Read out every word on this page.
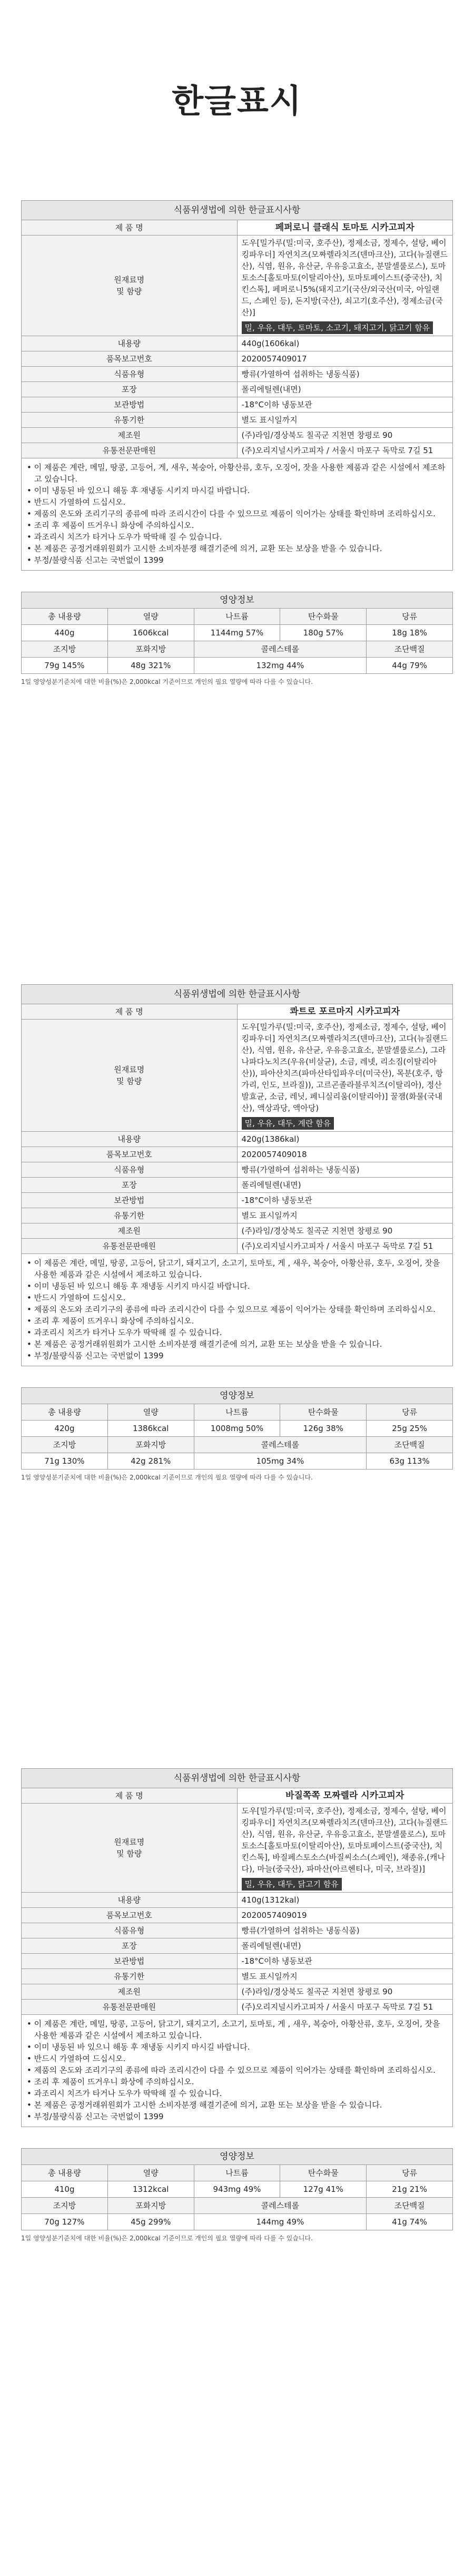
한글표시
식품위생법에 의한 한글표시사항	
제 품 명	페퍼로니 클래식 토마토 시카고피자
원재료명
및 함량	도우[밀가루(밀:미국, 호주산), 정제소금, 정제수, 설탕, 베이킹파우더] 자연치즈(모짜렐라치즈(덴마크산), 고다(뉴질랜드산), 식염, 원유, 유산균, 우유응고효소, 분말셀룰로스), 토마토소스[홀토마토(이탈리아산), 토마토페이스트(중국산), 치킨스톡], 페퍼로니5%(돼지고기(국산/외국산(미국, 아일랜드, 스페인 등), 돈지방(국산), 쇠고기(호주산), 정제소금(국산)]
밀, 우유, 대두, 토마토, 소고기, 돼지고기, 닭고기 함유
내용량	440g(1606kal)
품목보고번호	2020057409017
식품유형	빵류(가열하여 섭취하는 냉동식품)
포장	폴리에틸렌(내면)
보관방법	-18°C이하 냉동보관
유통기한	별도 표시일까지
제조원	(주)라임/경상북도 칠곡군 지천면 창평로 90
유통전문판매원	(주)오리지널시카고피자 / 서울시 마포구 독막로 7길 51
• 이 제품은 계란, 메밀, 땅콩, 고등어, 게, 새우, 복숭아, 아황산류, 호두, 오징어, 잣을 사용한 제품과 같은 시설에서 제조하고 있습니다.
• 이미 냉동된 바 있으니 해동 후 재냉동 시키지 마시길 바랍니다.
• 반드시 가열하여 드십시오.
• 제품의 온도와 조리기구의 종류에 따라 조리시간이 다를 수 있으므로 제품이 익어가는 상태를 확인하며 조리하십시오.
• 조리 후 제품이 뜨거우니 화상에 주의하십시오.
• 과조리시 치즈가 타거나 도우가 딱딱해 질 수 있습니다.
• 본 제품은 공정거래위원회가 고시한 소비자분쟁 해결기준에 의거, 교환 또는 보상을 받을 수 있습니다.
• 부정/불량식품 신고는 국번없이 1399
영양정보				
총 내용량	열량	나트륨	탄수화물	당류
440g	1606kcal	1144mg 57%	180g 57%	18g 18%
조지방	포화지방	콜레스테롤		조단백질
79g 145%	48g 321%	132mg 44%		44g 79%
1일 영양성분기준치에 대한 비율(%)은 2,000kcal 기준이므로 개인의 필요 열량에 따라 다를 수 있습니다.
식품위생법에 의한 한글표시사항	
제 품 명	콰트로 포르마지 시카고피자
원재료명
및 함량	도우[밀가루(밀:미국, 호주산), 정제소금, 정제수, 설탕, 베이킹파우더] 자연치즈(모짜렐라치즈(덴마크산), 고다(뉴질랜드산), 식염, 원유, 유산균, 우유응고효소, 분말셀룰로스), 그라나파다노치즈(우유(비살균), 소금, 레넷, 리소짐(이탈리아산)), 파아산치즈(파마산타입파우더(미국산), 목분(호주, 항가리, 인도, 브라질)), 고르곤졸라블루치즈(이탈리아), 정산발효균, 소금, 레닛, 페니실리움(이탈리아)] 꿀잼(화물(국내산), 액상과당, 액아당)
밀, 우유, 대두, 계란 함유
내용량	420g(1386kal)
품목보고번호	2020057409018
식품유형	빵류(가열하여 섭취하는 냉동식품)
포장	폴리에틸렌(내면)
보관방법	-18°C이하 냉동보관
유통기한	별도 표시일까지
제조원	(주)라임/경상북도 칠곡군 지천면 창평로 90
유통전문판매원	(주)오리지널시카고피자 / 서울시 마포구 독막로 7길 51
• 이 제품은 계란, 메밀, 땅콩, 고등어, 닭고기, 돼지고기, 소고기, 토마토, 게 , 새우, 복숭아, 아황산류, 호두, 오징어, 잣을 사용한 제품과 같은 시설에서 제조하고 있습니다.
• 이미 냉동된 바 있으니 해동 후 재냉동 시키지 마시길 바랍니다.
• 반드시 가열하여 드십시오.
• 제품의 온도와 조리기구의 종류에 따라 조리시간이 다를 수 있으므로 제품이 익어가는 상태를 확인하며 조리하십시오.
• 조리 후 제품이 뜨거우니 화상에 주의하십시오.
• 과조리시 치즈가 타거나 도우가 딱딱해 질 수 있습니다.
• 본 제품은 공정거래위원회가 고시한 소비자분쟁 해결기준에 의거, 교환 또는 보상을 받을 수 있습니다.
• 부정/불량식품 신고는 국번없이 1399
영양정보				
총 내용량	열량	나트륨	탄수화물	당류
420g	1386kcal	1008mg 50%	126g 38%	25g 25%
조지방	포화지방	콜레스테롤		조단백질
71g 130%	42g 281%	105mg 34%		63g 113%
1일 영양성분기준치에 대한 비율(%)은 2,000kcal 기준이므로 개인의 필요 열량에 따라 다를 수 있습니다.
식품위생법에 의한 한글표시사항	
제 품 명	바질쪽쪽 모짜렐라 시카고피자
원재료명
및 함량	도우[밀가루(밀:미국, 호주산), 정제소금, 정제수, 설탕, 베이킹파우더] 자연치즈(모짜렐라치즈(덴마크산), 고다(뉴질랜드산), 식염, 원유, 유산균, 우유응고효소, 분말셀룰로스), 토마토소스[홀토마토(이탈리아산), 토마토페이스트(중국산), 치킨스톡], 바질페스토소스(바질씨소스(스페인), 채종유,(캐나다), 마늘(중국산), 파마산(아르헨티나, 미국, 브라질)]
밀, 우유, 대두, 닭고기 함유
내용량	410g(1312kal)
품목보고번호	2020057409019
식품유형	빵류(가열하여 섭취하는 냉동식품)
포장	폴리에틸렌(내면)
보관방법	-18°C이하 냉동보관
유통기한	별도 표시일까지
제조원	(주)라임/경상북도 칠곡군 지천면 창평로 90
유통전문판매원	(주)오리지널시카고피자 / 서울시 마포구 독막로 7길 51
• 이 제품은 계란, 메밀, 땅콩, 고등어, 닭고기, 돼지고기, 소고기, 토마토, 게 , 새우, 복숭아, 아황산류, 호두, 오징어, 잣을 사용한 제품과 같은 시설에서 제조하고 있습니다.
• 이미 냉동된 바 있으니 해동 후 재냉동 시키지 마시길 바랍니다.
• 반드시 가열하여 드십시오.
• 제품의 온도와 조리기구의 종류에 따라 조리시간이 다를 수 있으므로 제품이 익어가는 상태를 확인하며 조리하십시오.
• 조리 후 제품이 뜨거우니 화상에 주의하십시오.
• 과조리시 치즈가 타거나 도우가 딱딱해 질 수 있습니다.
• 본 제품은 공정거래위원회가 고시한 소비자분쟁 해결기준에 의거, 교환 또는 보상을 받을 수 있습니다.
• 부정/불량식품 신고는 국번없이 1399
영양정보				
총 내용량	열량	나트륨	탄수화물	당류
410g	1312kcal	943mg 49%	127g 41%	21g 21%
조지방	포화지방	콜레스테롤		조단백질
70g 127%	45g 299%	144mg 49%		41g 74%
1일 영양성분기준치에 대한 비율(%)은 2,000kcal 기준이므로 개인의 필요 열량에 따라 다를 수 있습니다.
